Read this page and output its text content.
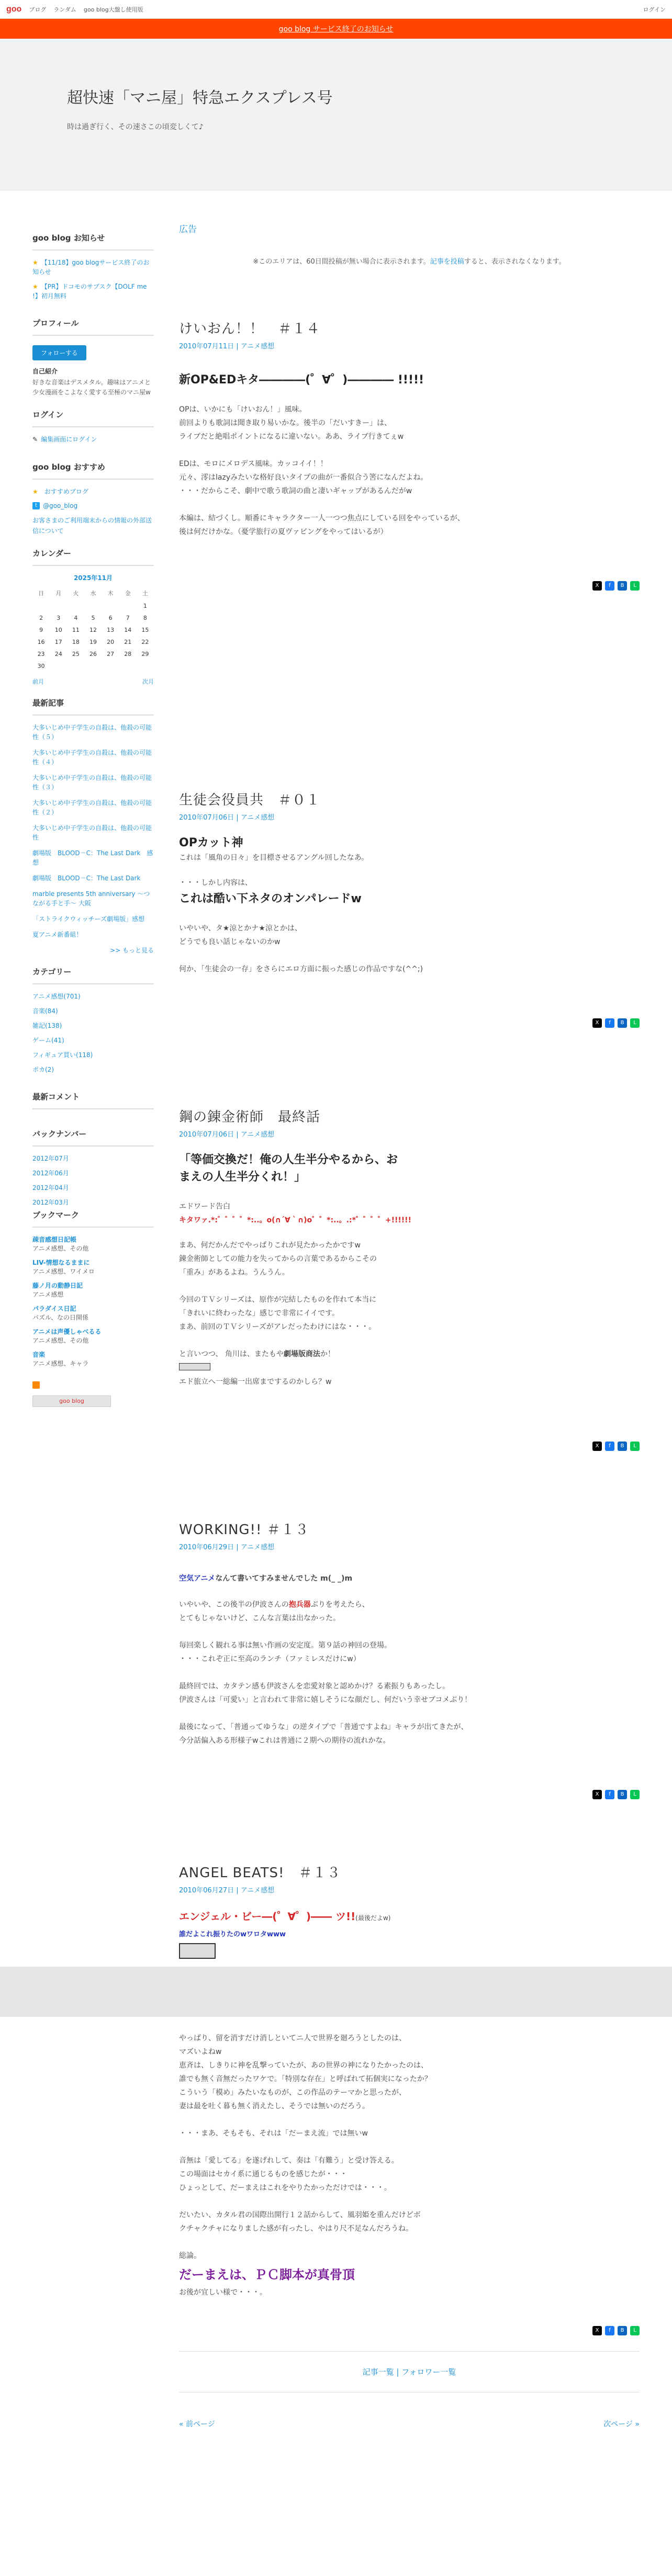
goo ブログ ランダム goo blog大盤し使用版	ログイン
goo blog サービス終了のお知らせ
超快速「マニ屋」特急エクスプレス号

時は過ぎ行く、その速さこの頃変しくて♪

goo blog お知らせ
★ 【11/18】goo blogサービス終了のお知らせ
★ 【PR】ドコモのサブスク【DOLF me !】初月無料
プロフィール
フォローする
自己紹介
好きな音楽はデスメタル。趣味はアニメと少女漫画をこよなく愛する至極のマニ屋w
ログイン
✎ 編集画面にログイン
goo blog おすすめ
★ おすすめブログ
t @goo_blog
お客さまのご利用端末からの情報の外部送信について
カレンダー
2025年11月
日	月	火	水	木	金	土
						1
2	3	4	5	6	7	8
9	10	11	12	13	14	15
16	17	18	19	20	21	22
23	24	25	26	27	28	29
30						
前月	次月
最新記事
大多いじめ中子学生の自殺は、他殺の可能性（５）
大多いじめ中子学生の自殺は、他殺の可能性（４）
大多いじめ中子学生の自殺は、他殺の可能性（３）
大多いじめ中子学生の自殺は、他殺の可能性（２）
大多いじめ中子学生の自殺は、他殺の可能性
劇場版　BLOOD－C：The Last Dark　感想
劇場版　BLOOD－C：The Last Dark
marble presents 5th anniversary ～つながる手と手～ 大阪
「ストライクウィッチーズ劇場版」感想
夏アニメ新番組！
>> もっと見る
カテゴリー
アニメ感想(701)
音楽(84)
雑記(138)
ゲーム(41)
フィギュア買い(118)
ポカ(2)
最新コメント
バックナンバー
2012年07月
2012年06月
2012年04月
2012年03月
ブックマーク
疎音感想日記帳
アニメ感想、その他
LIV-情想なるままに
アニメ感想、ワイメロ
藤ノ月の動静日記
アニメ感想
パラダイス日記
パズル、なの日開係
アニメは声優しゃべるる
アニメ感想、その他
音楽
アニメ感想、キャラ
goo blog
広告
※このエリアは、60日間投稿が無い場合に表示されます。記事を投稿すると、表示されなくなります。
けいおん！！　＃１４
2010年07月11日 | アニメ感想
新OP&EDキタ――――(゜∀゜)―――― !!!!!
OPは、いかにも「けいおん！」風味。
前回よりも歌詞は聞き取り易いかな。後半の「だいすきー」は、
ライブだと絶唱ポイントになるに違いない。ああ、ライブ行きてぇw
EDは、モロにメロデス風味。カッコイイ！！
元々、澪はlazyみたいな格好良いタイプの曲が一番似合う筈になんだよね。
・・・だからこそ、劇中で歌う歌詞の曲と凄いギャップがあるんだがw
本編は、結づくし。順番にキャラクター一人一つつ焦点にしている回をやっているが、
後は何だけかな。（憂学旅行の夏ヴァビングをやってはいるが）
X	f	B	L
生徒会役員共　＃０１
2010年07月06日 | アニメ感想
OPカット神
これは「風角の日々」を目標させるアングル回したなあ。
・・・しかし内容は、
これは酷い下ネタのオンパレードw
いやいや、タ★涼とかナ★涼とかは、
どうでも良い話じゃないのかw
何か、「生徒会の一存」をさらにエロ方面に振った感じの作品ですな(^^;)
X	f	B	L
鋼の錬金術師　最終話
2010年07月06日 | アニメ感想
「等価交換だ！俺の人生半分やるから、おまえの人生半分くれ！」
エドワード告白
キタワァ.*:゜゜゜゜*:..。ο(∩´∀｀∩)ο゜゜*:..。.:*゜゜゜゜+!!!!!!
まあ、何だかんだでやっぱりこれが見たかったかですw
錬金術師としての能力を失ってからの言葉であるからこその
「重み」があるよね。うんうん。
今回のＴＶシリーズは、原作が完結したものを作れて本当に
「きれいに終わったな」感じで非常にイイです。
まあ、前回のＴＶシリーズがアレだったわけにはな・・・。
と言いつつ、 角川は、またもや劇場版商法か！
エド旅立へ一総編一出席までするのかしら？w
X	f	B	L
WORKING!! ＃１３
2010年06月29日 | アニメ感想
空気アニメなんて書いてすみませんでした m(_ _)m
いやいや、この後半の伊波さんの抱兵器ぶりを考えたら、
とてもじゃないけど、こんな言葉は出なかった。
毎回楽しく観れる事は無い作画の安定度。第９話の神回の登場。
・・・これぞ正に至高のランチ（ファミレスだけにw）
最終回では、カタテン感も伊波さんを恋愛対象と認めかけ？る素振りもあったし。
伊波さんは「可愛い」と言われて非常に嬉しそうにな顔だし、何だいう幸せブコメぶり！
最後になって、「普通ってゆうな」の逆タイプで「普通ですよね」キャラが出てきたが、
今分話偏入ある形様子wこれは普通に２期への期待の流れかな。
X	f	B	L
ANGEL BEATS!　＃１３
2010年06月27日 | アニメ感想
エンジェル・ビー―(゜∀゜)―― ツ!!(最後だよw)
誰だよこれ振りたのwワロタwww
やっぱり、留を消すだけ消しといてニ人で世界を廻ろうとしたのは、
マズいよねw
恵斉は、しきりに神を乱撃っていたが、あの世界の神になりたかったのは、
誰でも無く音無だったワケで。「特別な存在」と呼ばれて拓個実になったか？
こういう「模め」みたいなものが、この作品のテーマかと思ったが、
妻は最を吐く暮も無く消えたし、そうでは無いのだろう。
・・・まあ、そもそも、それは「だーまえ流」では無いw
音無は「愛してる」を遂げれして、奏は「有難う」と受け答える。
この場面はセカイ系に通じるものを感じたが・・・
ひょっとして、だーまえはこれをやりたかっただけでは・・・。
だいたい、カタル君の国際出開行１２話からして、風羽姫を重んだけどボ
クチャクチャになりました感が有ったし、やはり尺不足なんだろうね。
総論。
だーまえは、ＰＣ脚本が真骨頂
お後が宜しい様で・・・。
X	f	B	L
記事一覧 | フォロワー一覧
« 前ページ	次ページ »
